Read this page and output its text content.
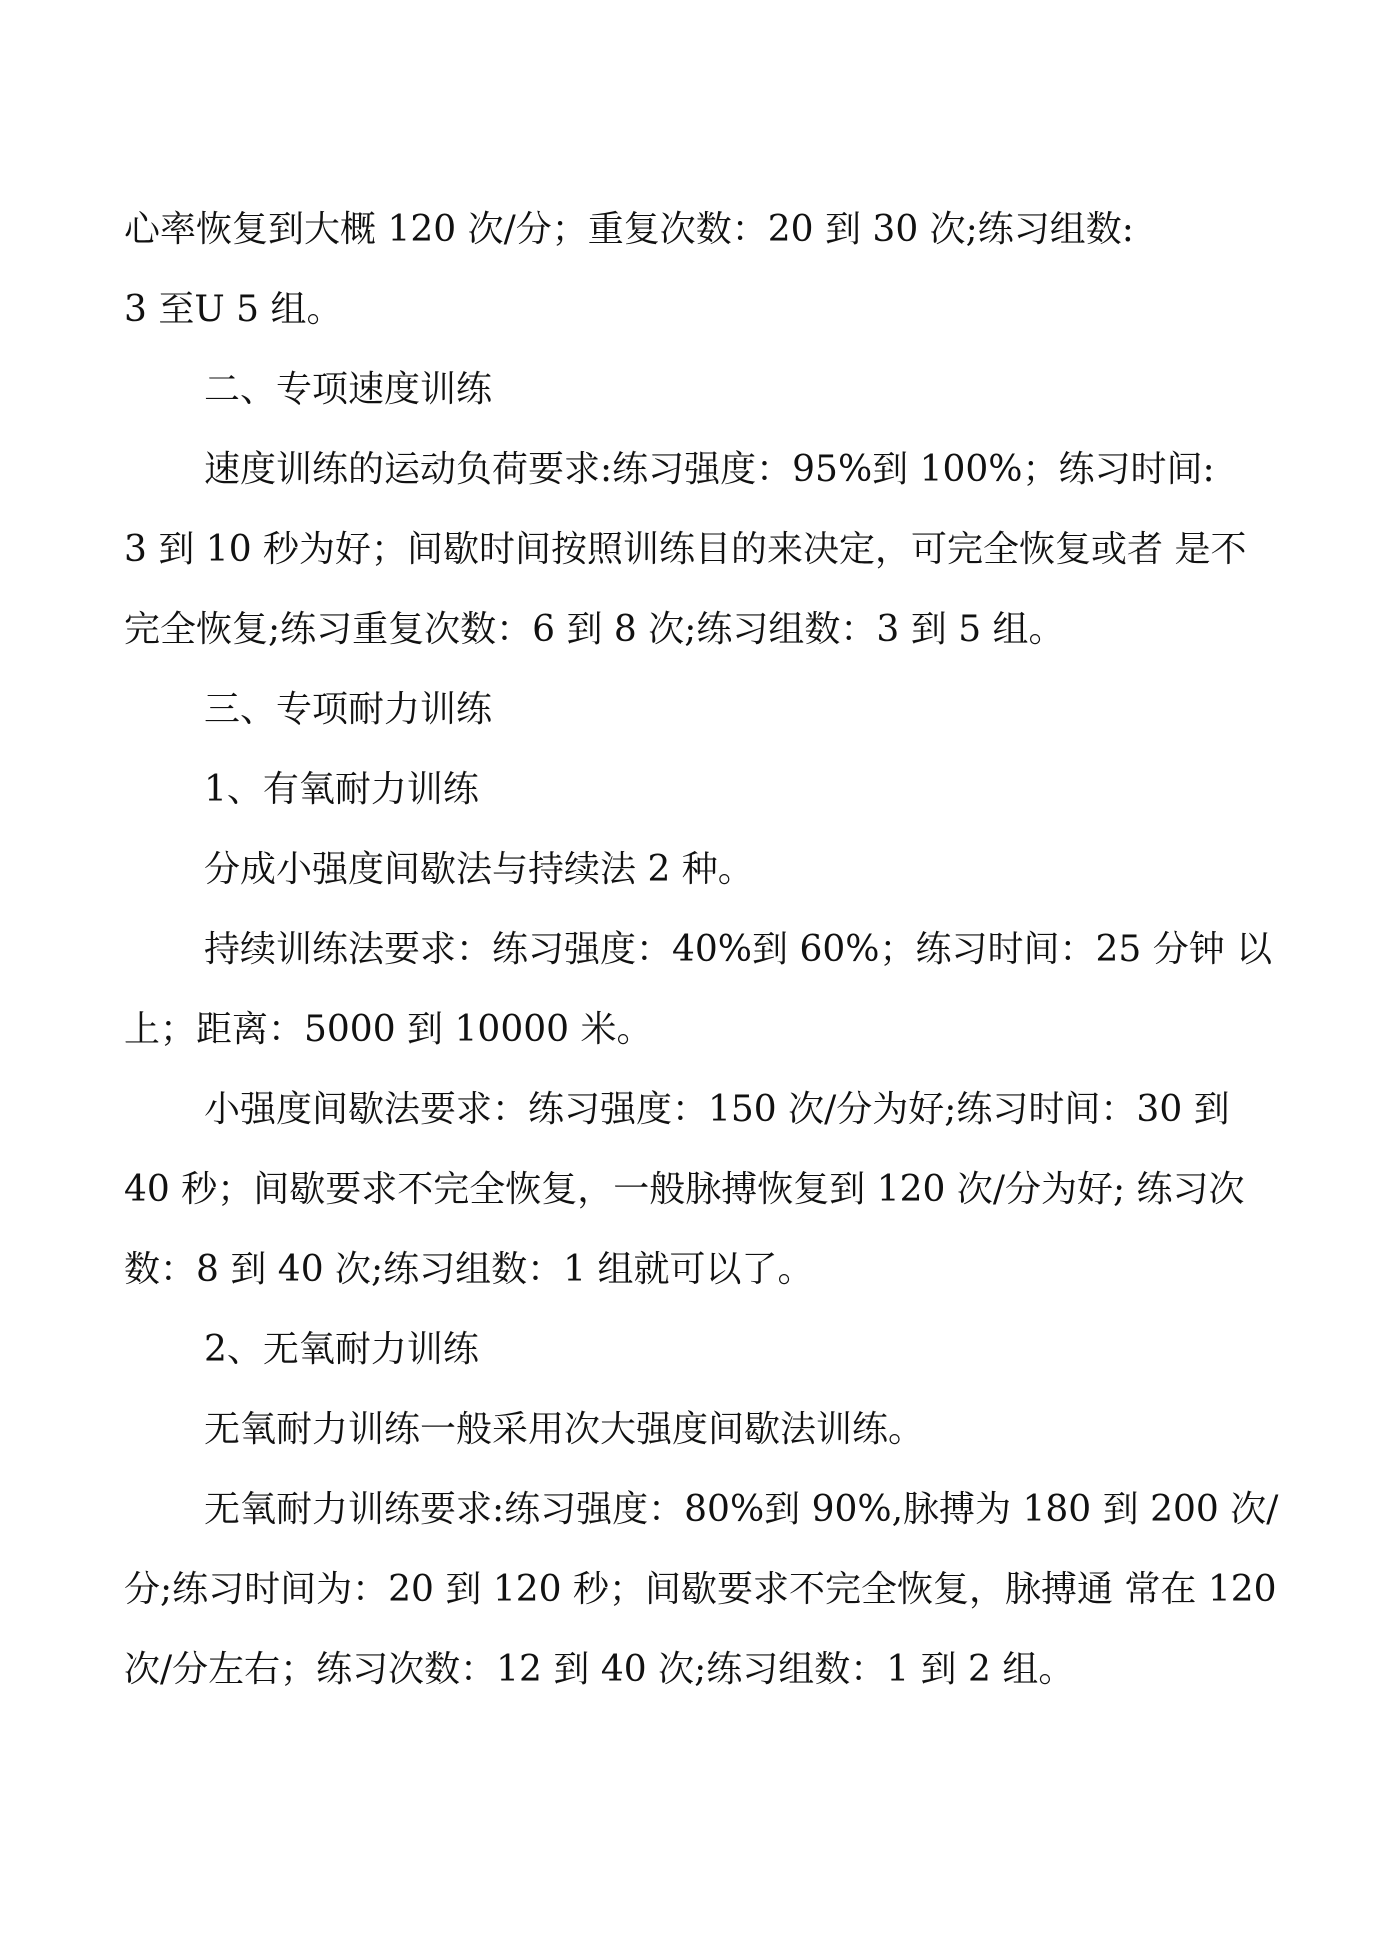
心率恢复到大概 120 次/分；重复次数：20 到 30 次;练习组数:
3 至U 5 组。
二、专项速度训练
速度训练的运动负荷要求:练习强度：95%到 100%；练习时间:
3 到 10 秒为好；间歇时间按照训练目的来决定，可完全恢复或者 是不
完全恢复;练习重复次数：6 到 8 次;练习组数：3 到 5 组。
三、专项耐力训练
1、有氧耐力训练
分成小强度间歇法与持续法 2 种。
持续训练法要求：练习强度：40%到 60%；练习时间：25 分钟 以
上；距离：5000 到 10000 米。
小强度间歇法要求：练习强度：150 次/分为好;练习时间：30 到
40 秒；间歇要求不完全恢复，一般脉搏恢复到 120 次/分为好; 练习次
数：8 到 40 次;练习组数：1 组就可以了。
2、无氧耐力训练
无氧耐力训练一般采用次大强度间歇法训练。
无氧耐力训练要求:练习强度：80%到 90%,脉搏为 180 到 200 次/
分;练习时间为：20 到 120 秒；间歇要求不完全恢复，脉搏通 常在 120
次/分左右；练习次数：12 到 40 次;练习组数：1 到 2 组。
